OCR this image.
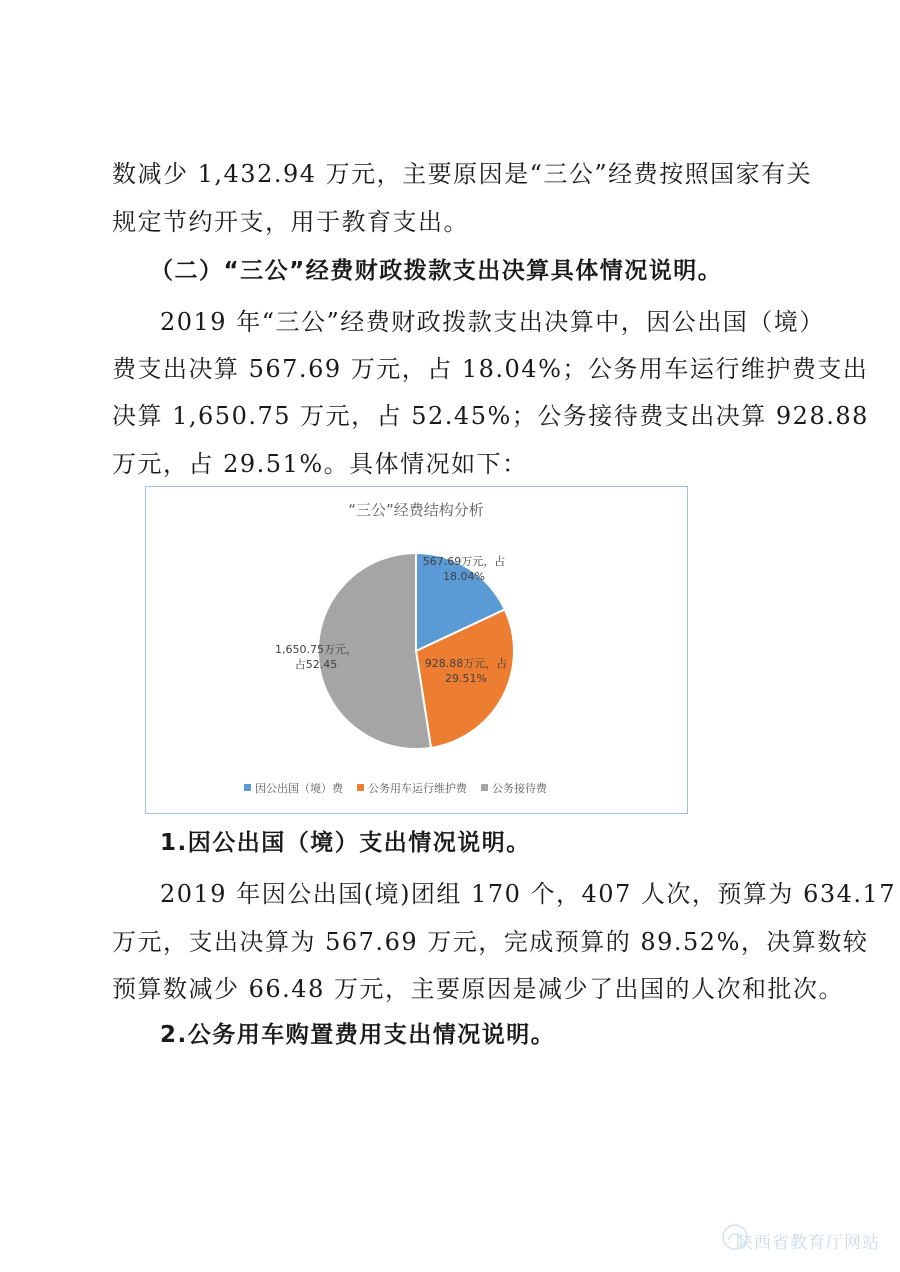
数减少 1,432.94 万元，主要原因是“三公”经费按照国家有关
规定节约开支，用于教育支出。
（二）“三公”经费财政拨款支出决算具体情况说明。
2019 年“三公”经费财政拨款支出决算中，因公出国（境）
费支出决算 567.69 万元，占 18.04%；公务用车运行维护费支出
决算 1,650.75 万元，占 52.45%；公务接待费支出决算 928.88
万元，占 29.51%。具体情况如下：
“三公”经费结构分析
567.69万元，占 18.04%
928.88万元，占 29.51%
1,650.75万元，占52.45
因公出国（境）费 公务用车运行维护费 公务接待费
1.因公出国（境）支出情况说明。
2019 年因公出国(境)团组 170 个，407 人次，预算为 634.17
万元，支出决算为 567.69 万元，完成预算的 89.52%，决算数较
预算数减少 66.48 万元，主要原因是减少了出国的人次和批次。
2.公务用车购置费用支出情况说明。
陕西省教育厅网站
